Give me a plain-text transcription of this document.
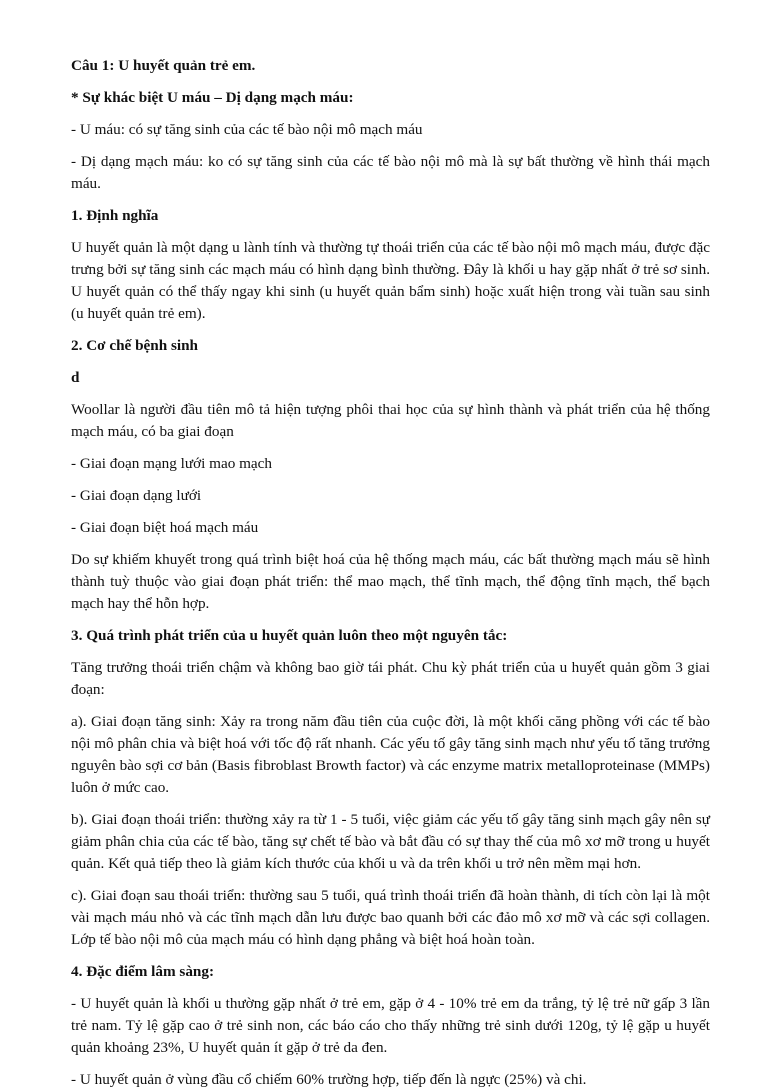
Câu 1: U huyết quản trẻ em.

* Sự khác biệt U máu – Dị dạng mạch máu:

- U máu: có sự tăng sinh của các tế bào nội mô mạch máu

- Dị dạng mạch máu: ko có sự tăng sinh của các tế bào nội mô mà là sự bất thường về hình thái mạch máu.

1. Định nghĩa

U huyết quản là một dạng u lành tính và thường tự thoái triển của các tế bào nội mô mạch máu, được đặc trưng bởi sự tăng sinh các mạch máu có hình dạng bình thường. Đây là khối u hay gặp nhất ở trẻ sơ sinh. U huyết quản có thể thấy ngay khi sinh (u huyết quản bẩm sinh) hoặc xuất hiện trong vài tuần sau sinh (u huyết quản trẻ em).

2. Cơ chế bệnh sinh

d

Woollar là người đầu tiên mô tả hiện tượng phôi thai học của sự hình thành và phát triển của hệ thống mạch máu, có ba giai đoạn

- Giai đoạn mạng lưới mao mạch

- Giai đoạn dạng lưới

- Giai đoạn biệt hoá mạch máu

Do sự khiếm khuyết trong quá trình biệt hoá của hệ thống mạch máu, các bất thường mạch máu sẽ hình thành tuỳ thuộc vào giai đoạn phát triển: thể mao mạch, thể tĩnh mạch, thể động tĩnh mạch, thể bạch mạch hay thể hỗn hợp.

3. Quá trình phát triển của u huyết quản luôn theo một nguyên tắc:

Tăng trưởng thoái triển chậm và không bao giờ tái phát. Chu kỳ phát triển của u huyết quản gồm 3 giai đoạn:

a). Giai đoạn tăng sinh: Xảy ra trong năm đầu tiên của cuộc đời, là một khối căng phồng với các tế bào nội mô phân chia và biệt hoá với tốc độ rất nhanh. Các yếu tố gây tăng sinh mạch như yếu tố tăng trưởng nguyên bào sợi cơ bản (Basis fibroblast Browth factor) và các enzyme matrix metalloproteinase (MMPs) luôn ở mức cao.

b). Giai đoạn thoái triển: thường xảy ra từ 1 - 5 tuổi, việc giảm các yếu tố gây tăng sinh mạch gây nên sự giảm phân chia của các tế bào, tăng sự chết tế bào và bắt đầu có sự thay thế của mô xơ mỡ trong u huyết quản. Kết quả tiếp theo là giảm kích thước của khối u và da trên khối u trở nên mềm mại hơn.

c). Giai đoạn sau thoái triển: thường sau 5 tuổi, quá trình thoái triển đã hoàn thành, di tích còn lại là một vài mạch máu nhỏ và các tĩnh mạch dẫn lưu được bao quanh bởi các đảo mô xơ mỡ và các sợi collagen. Lớp tế bào nội mô của mạch máu có hình dạng phẳng và biệt hoá hoàn toàn.

4. Đặc điểm lâm sàng:

- U huyết quản là khối u thường gặp nhất ở trẻ em, gặp ở 4 - 10% trẻ em da trắng, tỷ lệ trẻ nữ gấp 3 lần trẻ nam. Tỷ lệ gặp cao ở trẻ sinh non, các báo cáo cho thấy những trẻ sinh dưới 120g, tỷ lệ gặp u huyết quản khoảng 23%, U huyết quản ít gặp ở trẻ da đen.

- U huyết quản ở vùng đầu cổ chiếm 60% trường hợp, tiếp đến là ngực (25%) và chi.
